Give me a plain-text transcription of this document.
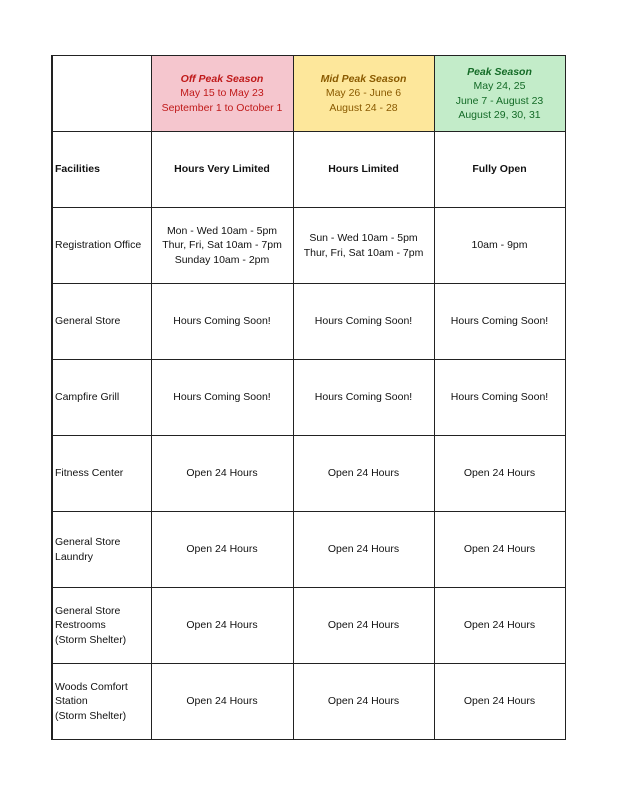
	Off Peak Season
May 15 to May 23
September 1 to October 1	Mid Peak Season
May 26 - June 6
August 24 - 28	Peak Season
May 24, 25
June 7 - August 23
August 29, 30, 31

Facilities	Hours Very Limited	Hours Limited	Fully Open

Registration Office	Mon - Wed 10am - 5pm
Thur, Fri, Sat 10am - 7pm
Sunday 10am - 2pm	Sun - Wed 10am - 5pm
Thur, Fri, Sat 10am - 7pm	10am - 9pm

General Store	Hours Coming Soon!	Hours Coming Soon!	Hours Coming Soon!

Campfire Grill	Hours Coming Soon!	Hours Coming Soon!	Hours Coming Soon!

Fitness Center	Open 24 Hours	Open 24 Hours	Open 24 Hours

General Store
Laundry	Open 24 Hours	Open 24 Hours	Open 24 Hours

General Store
Restrooms
(Storm Shelter)	Open 24 Hours	Open 24 Hours	Open 24 Hours

Woods Comfort
Station
(Storm Shelter)	Open 24 Hours	Open 24 Hours	Open 24 Hours
